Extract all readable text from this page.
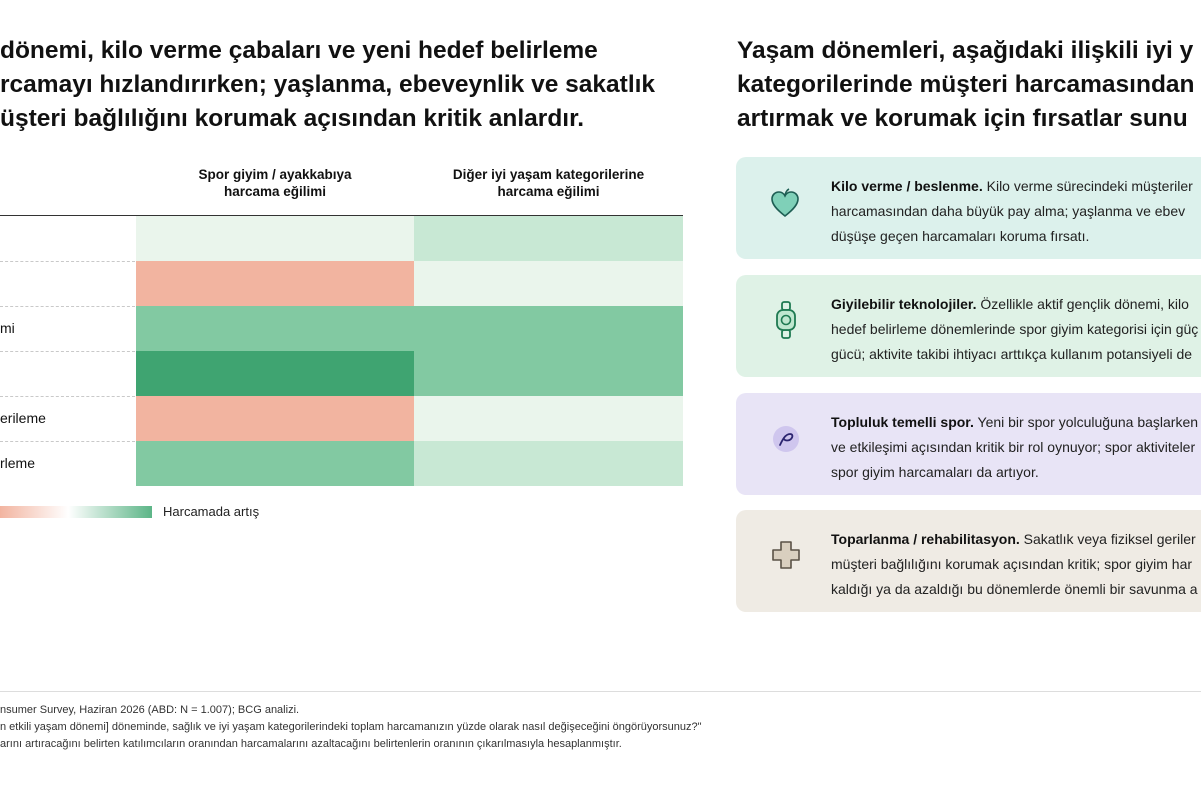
dönemi, kilo verme çabaları ve yeni hedef belirleme
rcamayı hızlandırırken; yaşlanma, ebeveynlik ve sakatlık
üşteri bağlılığını korumak açısından kritik anlardır.
Yaşam dönemleri, aşağıdaki ilişkili iyi y
kategorilerinde müşteri harcamasından
artırmak ve korumak için fırsatlar sunu
Spor giyim / ayakkabıya
harcama eğilimi
Diğer iyi yaşam kategorilerine
harcama eğilimi
mi
erileme
rleme
Harcamada artış
Kilo verme / beslenme. Kilo verme sürecindeki müşteriler
harcamasından daha büyük pay alma; yaşlanma ve ebev
düşüşe geçen harcamaları koruma fırsatı.
Giyilebilir teknolojiler. Özellikle aktif gençlik dönemi, kilo
hedef belirleme dönemlerinde spor giyim kategorisi için güç
gücü; aktivite takibi ihtiyacı arttıkça kullanım potansiyeli de
Topluluk temelli spor. Yeni bir spor yolculuğuna başlarken
ve etkileşimi açısından kritik bir rol oynuyor; spor aktiviteler
spor giyim harcamaları da artıyor.
Toparlanma / rehabilitasyon. Sakatlık veya fiziksel geriler
müşteri bağlılığını korumak açısından kritik; spor giyim har
kaldığı ya da azaldığı bu dönemlerde önemli bir savunma a
nsumer Survey, Haziran 2026 (ABD: N = 1.007); BCG analizi.
n etkili yaşam dönemi] döneminde, sağlık ve iyi yaşam kategorilerindeki toplam harcamanızın yüzde olarak nasıl değişeceğini öngörüyorsunuz?"
arını artıracağını belirten katılımcıların oranından harcamalarını azaltacağını belirtenlerin oranının çıkarılmasıyla hesaplanmıştır.
